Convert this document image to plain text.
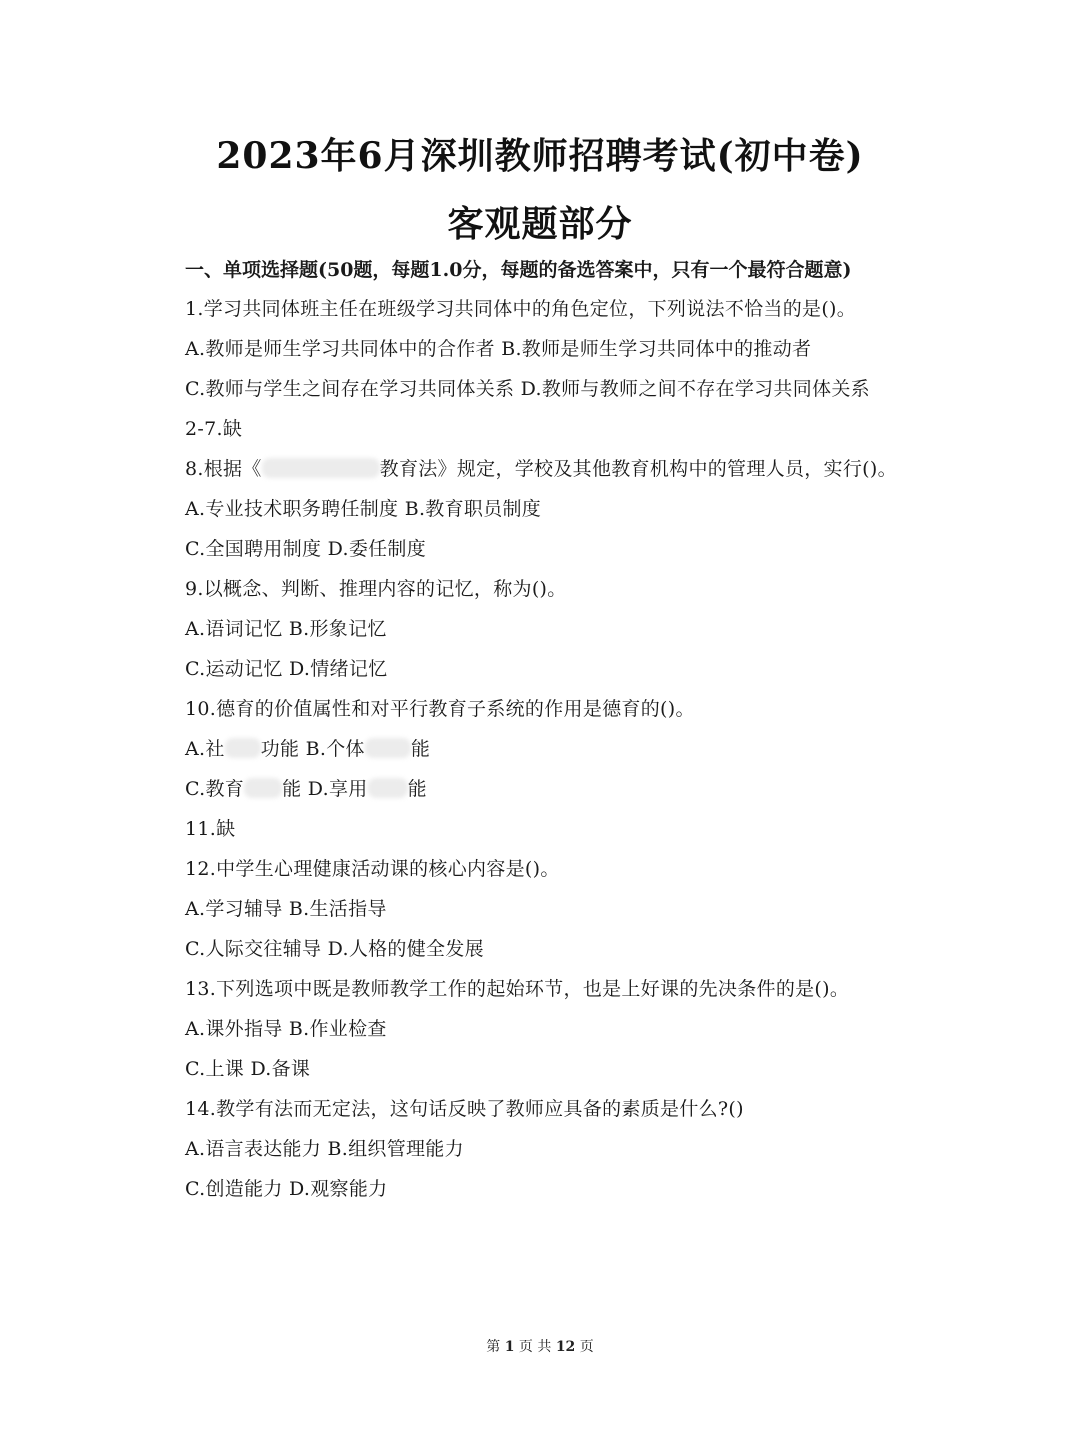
2023年6月深圳教师招聘考试(初中卷)
客观题部分
一、单项选择题(50题，每题1.0分，每题的备选答案中，只有一个最符合题意)
1.学习共同体班主任在班级学习共同体中的角色定位，下列说法不恰当的是()。
A.教师是师生学习共同体中的合作者 B.教师是师生学习共同体中的推动者
C.教师与学生之间存在学习共同体关系 D.教师与教师之间不存在学习共同体关系
2-7.缺
8.根据《	教育法》规定，学校及其他教育机构中的管理人员，实行()。
A.专业技术职务聘任制度 B.教育职员制度
C.全国聘用制度 D.委任制度
9.以概念、判断、推理内容的记忆，称为()。
A.语词记忆 B.形象记忆
C.运动记忆 D.情绪记忆
10.德育的价值属性和对平行教育子系统的作用是德育的()。
A.社 功能 B.个体 能
C.教育 能 D.享用 能
11.缺
12.中学生心理健康活动课的核心内容是()。
A.学习辅导 B.生活指导
C.人际交往辅导 D.人格的健全发展
13.下列选项中既是教师教学工作的起始环节，也是上好课的先决条件的是()。
A.课外指导 B.作业检查
C.上课 D.备课
14.教学有法而无定法，这句话反映了教师应具备的素质是什么?()
A.语言表达能力 B.组织管理能力
C.创造能力 D.观察能力
第 1 页 共 12 页
